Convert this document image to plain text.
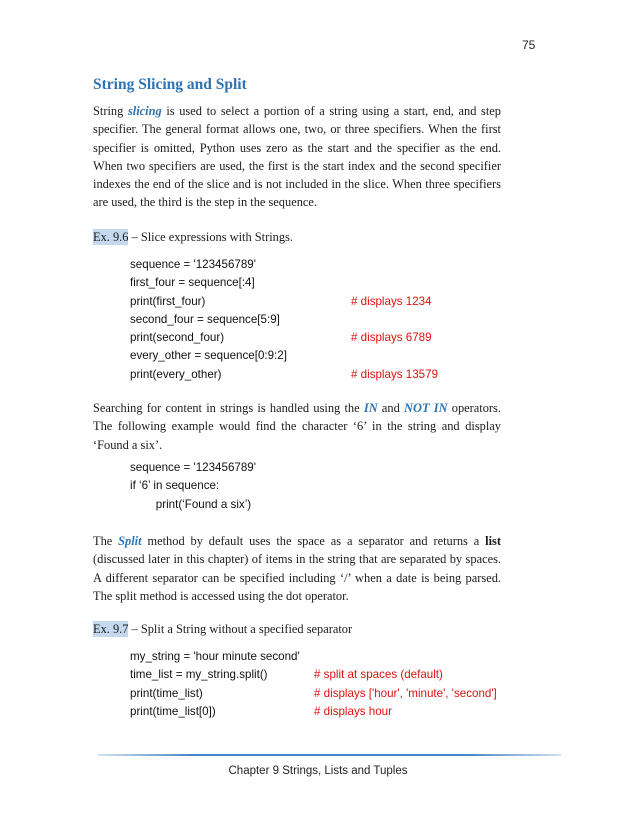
75
String Slicing and Split

String slicing is used to select a portion of a string using a start, end, and step specifier. The general format allows one, two, or three specifiers. When the first specifier is omitted, Python uses zero as the start and the specifier as the end. When two specifiers are used, the first is the start index and the second specifier indexes the end of the slice and is not included in the slice. When three specifiers are used, the third is the step in the sequence.

Ex. 9.6 – Slice expressions with Strings.

sequence = '123456789'
first_four = sequence[:4]
print(first_four)	# displays 1234
second_four = sequence[5:9]
print(second_four)	# displays 6789
every_other = sequence[0:9:2]
print(every_other)	# displays 13579

Searching for content in strings is handled using the IN and NOT IN operators. The following example would find the character ‘6’ in the string and display ‘Found a six’.

sequence = '123456789'
if ‘6’ in sequence:
print(‘Found a six’)

The Split method by default uses the space as a separator and returns a list (discussed later in this chapter) of items in the string that are separated by spaces. A different separator can be specified including ‘/’ when a date is being parsed. The split method is accessed using the dot operator.

Ex. 9.7 – Split a String without a specified separator

my_string = 'hour minute second'
time_list = my_string.split()	# split at spaces (default)
print(time_list)	# displays ['hour', 'minute', 'second']
print(time_list[0])	# displays hour
Chapter 9 Strings, Lists and Tuples
